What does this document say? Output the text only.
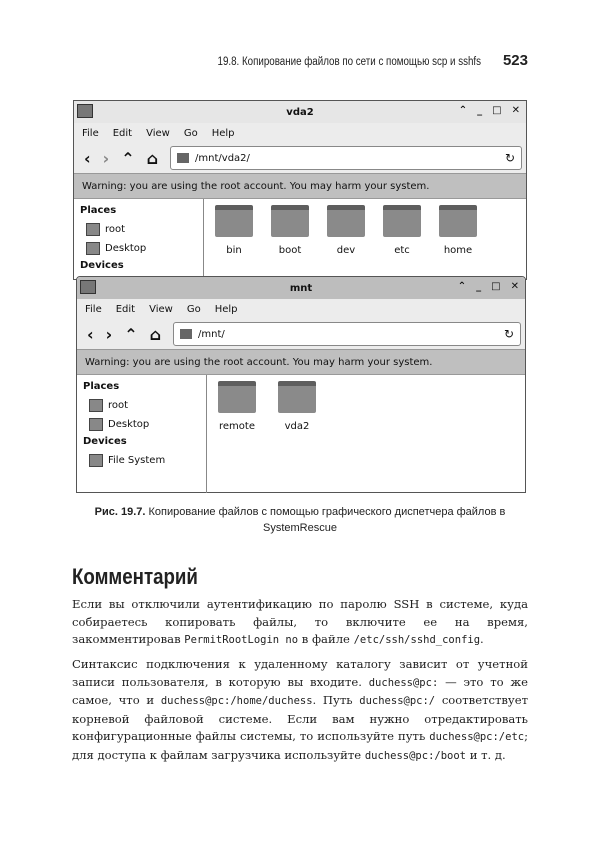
19.8. Копирование файлов по сети с помощью scp и sshfs 523
vda2	⌃ _ □ ✕
File Edit View Go Help
‹ › ⌃ ⌂	/mnt/vda2/	↻
Warning: you are using the root account. You may harm your system.
Places
root
Desktop
Devices
bin	boot	dev	etc	home
mnt	⌃ _ □ ✕
File Edit View Go Help
‹ › ⌃ ⌂	/mnt/	↻
Warning: you are using the root account. You may harm your system.
Places
root
Desktop
Devices
File System
remote	vda2
Рис. 19.7. Копирование файлов с помощью графического диспетчера файлов в SystemRescue
Комментарий

Если вы отключили аутентификацию по паролю SSH в системе, куда собираетесь копировать файлы, то включите ее на время, закомментировав PermitRootLogin no в файле /etc/ssh/sshd_config.

Синтаксис подключения к удаленному каталогу зависит от учетной записи пользователя, в которую вы входите. duchess@pc: — это то же самое, что и duchess@pc:/home/duchess. Путь duchess@pc:/ соответствует корневой файловой системе. Если вам нужно отредактировать конфигурационные файлы системы, то используйте путь duchess@pc:/etc; для доступа к файлам загрузчика используйте duchess@pc:/boot и т. д.
